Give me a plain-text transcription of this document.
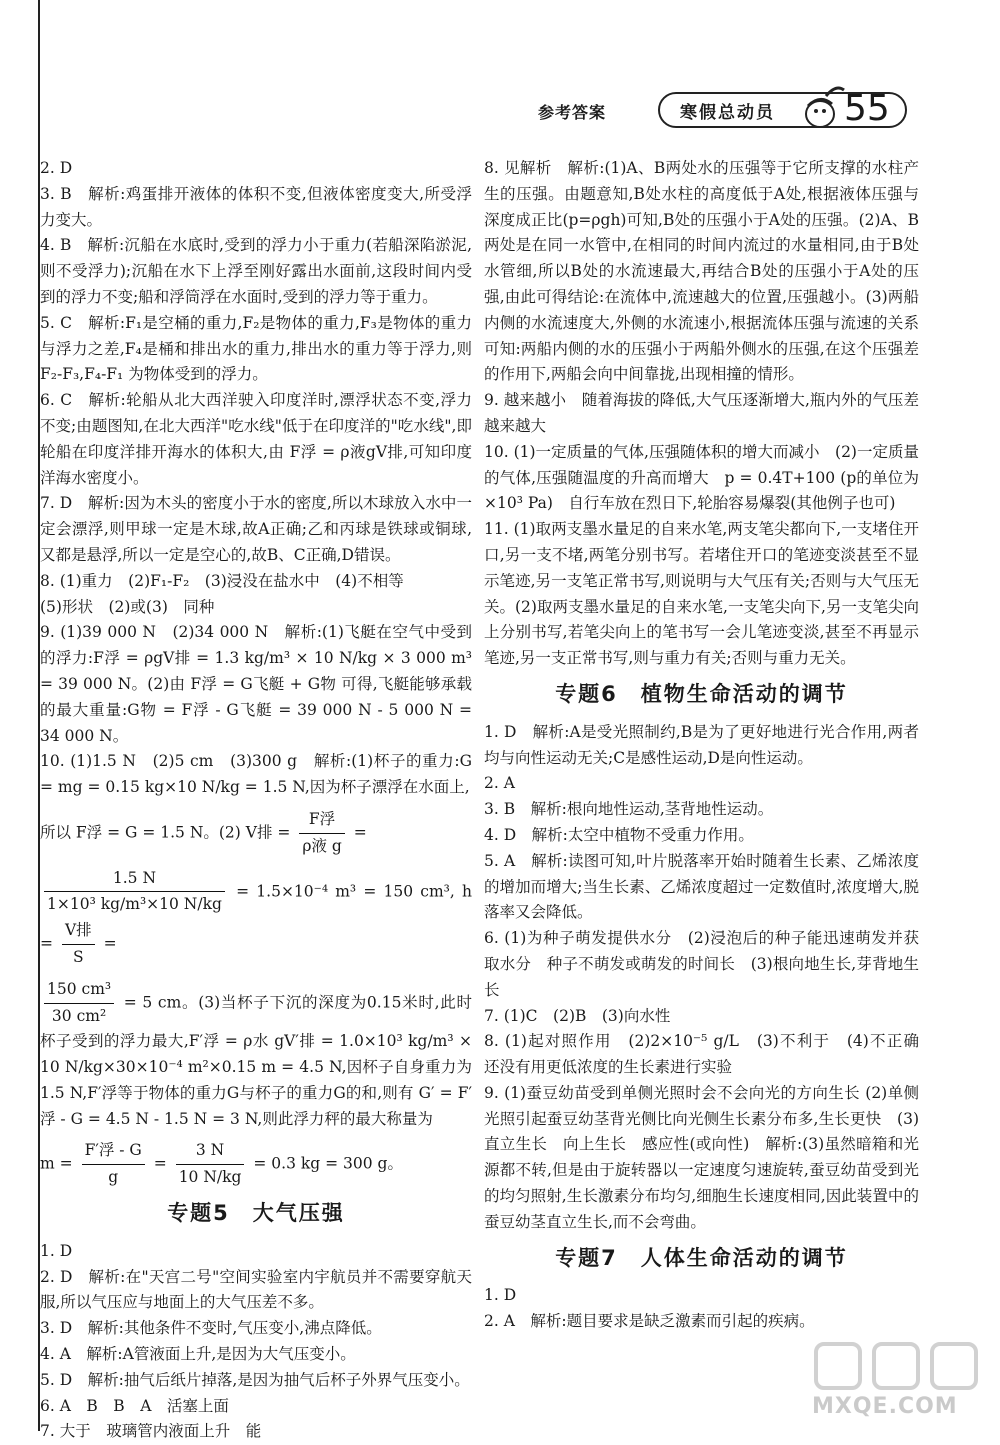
参考答案	寒假总动员 55

2. D

3. B　解析:鸡蛋排开液体的体积不变,但液体密度变大,所受浮力变大。

4. B　解析:沉船在水底时,受到的浮力小于重力(若船深陷淤泥,则不受浮力);沉船在水下上浮至刚好露出水面前,这段时间内受到的浮力不变;船和浮筒浮在水面时,受到的浮力等于重力。

5. C　解析:F₁是空桶的重力,F₂是物体的重力,F₃是物体的重力与浮力之差,F₄是桶和排出水的重力,排出水的重力等于浮力,则 F₂-F₃,F₄-F₁ 为物体受到的浮力。

6. C　解析:轮船从北大西洋驶入印度洋时,漂浮状态不变,浮力不变;由题图知,在北大西洋"吃水线"低于在印度洋的"吃水线",即轮船在印度洋排开海水的体积大,由 F浮 = ρ液gV排,可知印度洋海水密度小。

7. D　解析:因为木头的密度小于水的密度,所以木球放入水中一定会漂浮,则甲球一定是木球,故A正确;乙和丙球是铁球或铜球,又都是悬浮,所以一定是空心的,故B、C正确,D错误。

8. (1)重力　(2)F₁-F₂　(3)浸没在盐水中　(4)不相等

(5)形状　(2)或(3)　同种

9. (1)39 000 N　(2)34 000 N　解析:(1)飞艇在空气中受到的浮力:F浮 = ρgV排 = 1.3 kg/m³ × 10 N/kg × 3 000 m³ = 39 000 N。(2)由 F浮 = G飞艇 + G物 可得,飞艇能够承载的最大重量:G物 = F浮 - G飞艇 = 39 000 N - 5 000 N = 34 000 N。

10. (1)1.5 N　(2)5 cm　(3)300 g　解析:(1)杯子的重力:G = mg = 0.15 kg×10 N/kg = 1.5 N,因为杯子漂浮在水面上,

所以 F浮 = G = 1.5 N。(2) V排 = $\frac{\text{F浮}}{\text{ρ液 g}}$ =
$\frac{1.5 N}{\text{1×10³ kg/m³×10 N/kg}} = 1.5\times 10^{-4}$ m³ = 150 cm³, $h = \frac{\text{V排}}{S}$ =
$\frac{\text{150 cm³}}{\text{30 cm²}} = 5$ cm。(3)当杯子下沉的深度为0.15米时,此时杯子受到的浮力最大,F′浮 = ρ水 gV′排 = 1.0×10³ kg/m³ × 10 N/kg×30×10⁻⁴ m²×0.15 m = 4.5 N,因杯子自身重力为1.5 N,F′浮等于物体的重力G与杯子的重力G的和,则有 G′ = F′浮 - G = 4.5 N - 1.5 N = 3 N,则此浮力秤的最大称量为
$m = \frac{\text{F′浮 - G}}{g} = \frac{3 N}{10 N/kg} = 0.3$ kg = 300 g。
专题5　大气压强

1. D

2. D　解析:在"天宫二号"空间实验室内宇航员并不需要穿航天服,所以气压应与地面上的大气压差不多。

3. D　解析:其他条件不变时,气压变小,沸点降低。

4. A　解析:A管液面上升,是因为大气压变小。

5. D　解析:抽气后纸片掉落,是因为抽气后杯子外界气压变小。

6. A　B　B　A　活塞上面

7. 大于　玻璃管内液面上升　能

8. 见解析　解析:(1)A、B两处水的压强等于它所支撑的水柱产生的压强。由题意知,B处水柱的高度低于A处,根据液体压强与深度成正比(p=ρgh)可知,B处的压强小于A处的压强。(2)A、B两处是在同一水管中,在相同的时间内流过的水量相同,由于B处水管细,所以B处的水流速最大,再结合B处的压强小于A处的压强,由此可得结论:在流体中,流速越大的位置,压强越小。(3)两船内侧的水流速度大,外侧的水流速小,根据流体压强与流速的关系可知:两船内侧的水的压强小于两船外侧水的压强,在这个压强差的作用下,两船会向中间靠拢,出现相撞的情形。

9. 越来越小　随着海拔的降低,大气压逐渐增大,瓶内外的气压差越来越大

10. (1)一定质量的气体,压强随体积的增大而减小　(2)一定质量的气体,压强随温度的升高而增大　p = 0.4T+100 (p的单位为×10³ Pa)　自行车放在烈日下,轮胎容易爆裂(其他例子也可)

11. (1)取两支墨水量足的自来水笔,两支笔尖都向下,一支堵住开口,另一支不堵,两笔分别书写。若堵住开口的笔迹变淡甚至不显示笔迹,另一支笔正常书写,则说明与大气压有关;否则与大气压无关。(2)取两支墨水量足的自来水笔,一支笔尖向下,另一支笔尖向上分别书写,若笔尖向上的笔书写一会儿笔迹变淡,甚至不再显示笔迹,另一支正常书写,则与重力有关;否则与重力无关。

专题6　植物生命活动的调节

1. D　解析:A是受光照制约,B是为了更好地进行光合作用,两者均与向性运动无关;C是感性运动,D是向性运动。

2. A

3. B　解析:根向地性运动,茎背地性运动。

4. D　解析:太空中植物不受重力作用。

5. A　解析:读图可知,叶片脱落率开始时随着生长素、乙烯浓度的增加而增大;当生长素、乙烯浓度超过一定数值时,浓度增大,脱落率又会降低。

6. (1)为种子萌发提供水分　(2)浸泡后的种子能迅速萌发并获取水分　种子不萌发或萌发的时间长　(3)根向地生长,芽背地生长

7. (1)C　(2)B　(3)向水性

8. (1)起对照作用　(2)2×10⁻⁵ g/L　(3)不利于　(4)不正确　还没有用更低浓度的生长素进行实验

9. (1)蚕豆幼苗受到单侧光照时会不会向光的方向生长 (2)单侧光照引起蚕豆幼茎背光侧比向光侧生长素分布多,生长更快　(3)直立生长　向上生长　感应性(或向性)　解析:(3)虽然暗箱和光源都不转,但是由于旋转器以一定速度匀速旋转,蚕豆幼苗受到光的均匀照射,生长激素分布均匀,细胞生长速度相同,因此装置中的蚕豆幼茎直立生长,而不会弯曲。

专题7　人体生命活动的调节

1. D

2. A　解析:题目要求是缺乏激素而引起的疾病。

MXQE.COM
